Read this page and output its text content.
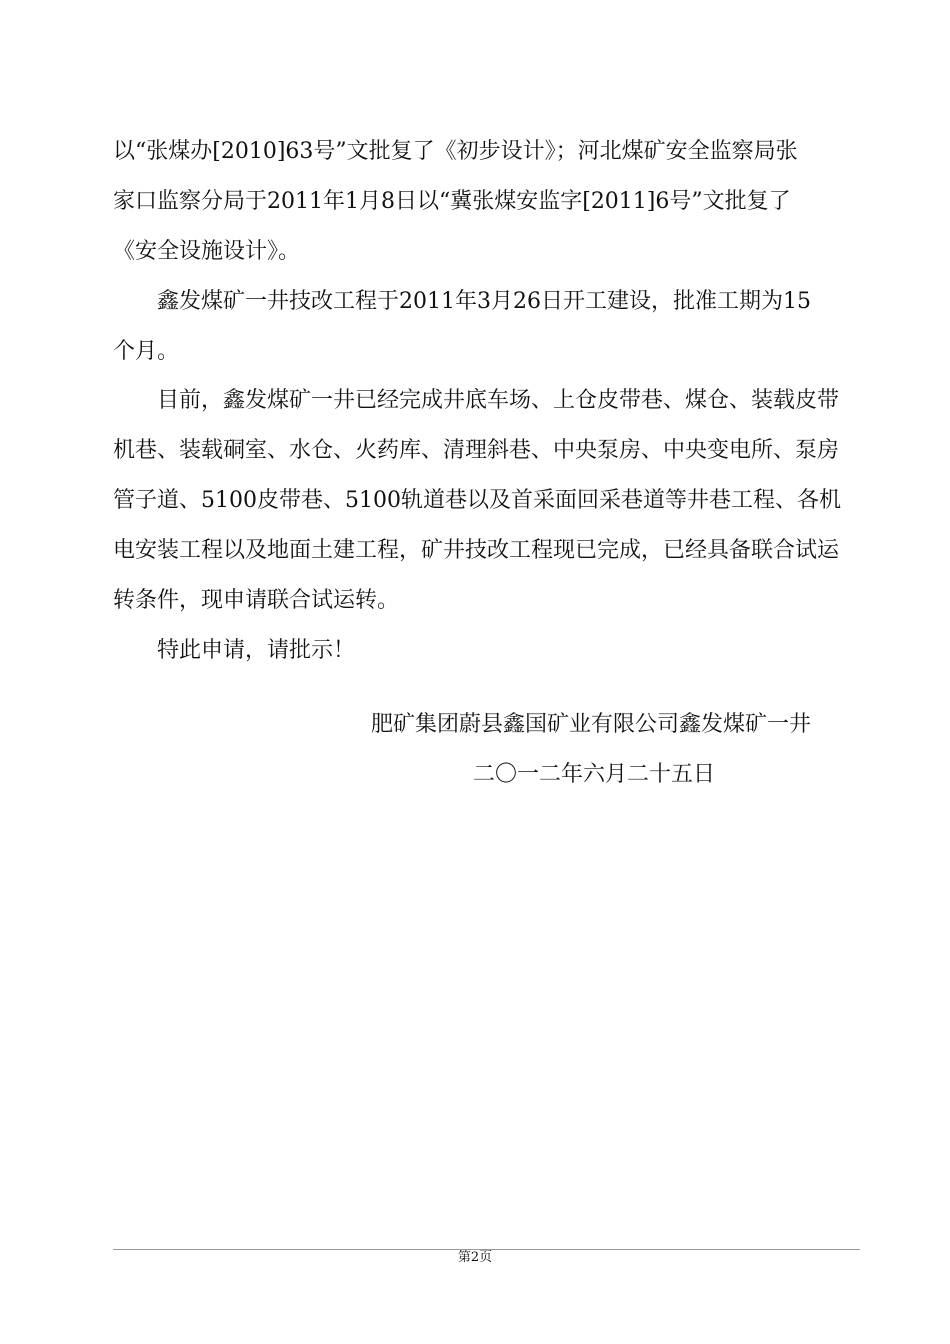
以“张煤办[2010]63号”文批复了《初步设计》；河北煤矿安全监察局张
家口监察分局于2011年1月8日以“冀张煤安监字[2011]6号”文批复了
《安全设施设计》。
　　鑫发煤矿一井技改工程于2011年3月26日开工建设，批准工期为15
个月。
　　目前，鑫发煤矿一井已经完成井底车场、上仓皮带巷、煤仓、装载皮带
机巷、装载硐室、水仓、火药库、清理斜巷、中央泵房、中央变电所、泵房
管子道、5100皮带巷、5100轨道巷以及首采面回采巷道等井巷工程、各机
电安装工程以及地面土建工程，矿井技改工程现已完成，已经具备联合试运
转条件，现申请联合试运转。
　　特此申请，请批示！
肥矿集团蔚县鑫国矿业有限公司鑫发煤矿一井
二〇一二年六月二十五日
第2页
